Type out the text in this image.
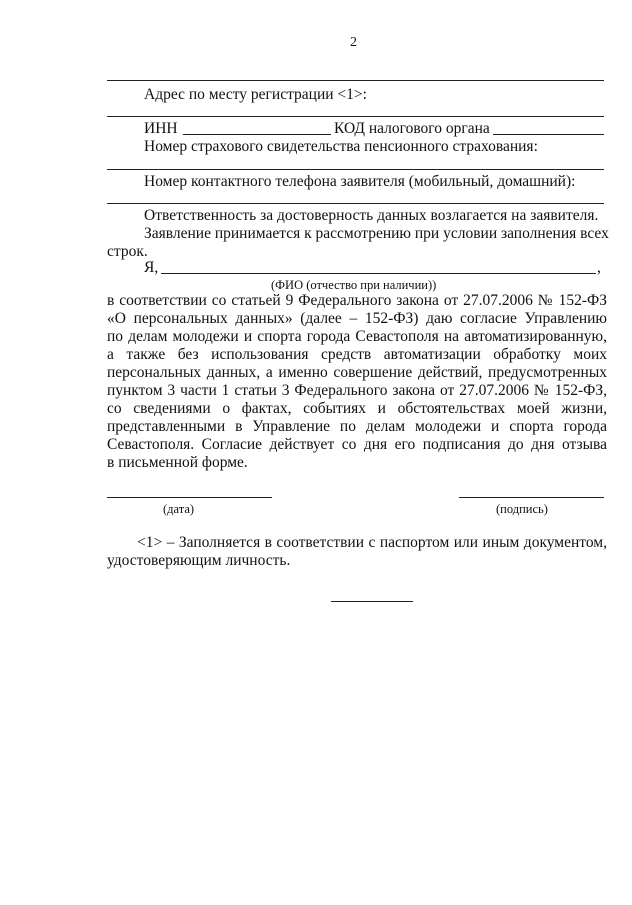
2
Адрес по месту регистрации <1>:
ИНН	КОД налогового органа
Номер страхового свидетельства пенсионного страхования:
Номер контактного телефона заявителя (мобильный, домашний):
Ответственность за достоверность данных возлагается на заявителя.
Заявление принимается к рассмотрению при условии заполнения всех
строк.
Я,	,
(ФИО (отчество при наличии))
в соответствии со статьей 9 Федерального закона от 27.07.2006 № 152-ФЗ
«О персональных данных» (далее – 152-ФЗ) даю согласие Управлению
по делам молодежи и спорта города Севастополя на автоматизированную,
а также без использования средств автоматизации обработку моих
персональных данных, а именно совершение действий, предусмотренных
пунктом 3 части 1 статьи 3 Федерального закона от 27.07.2006 № 152-ФЗ,
со сведениями о фактах, событиях и обстоятельствах моей жизни,
представленными в Управление по делам молодежи и спорта города
Севастополя. Согласие действует со дня его подписания до дня отзыва
в письменной форме.
(дата)	(подпись)
<1> – Заполняется в соответствии с паспортом или иным документом,
удостоверяющим личность.
